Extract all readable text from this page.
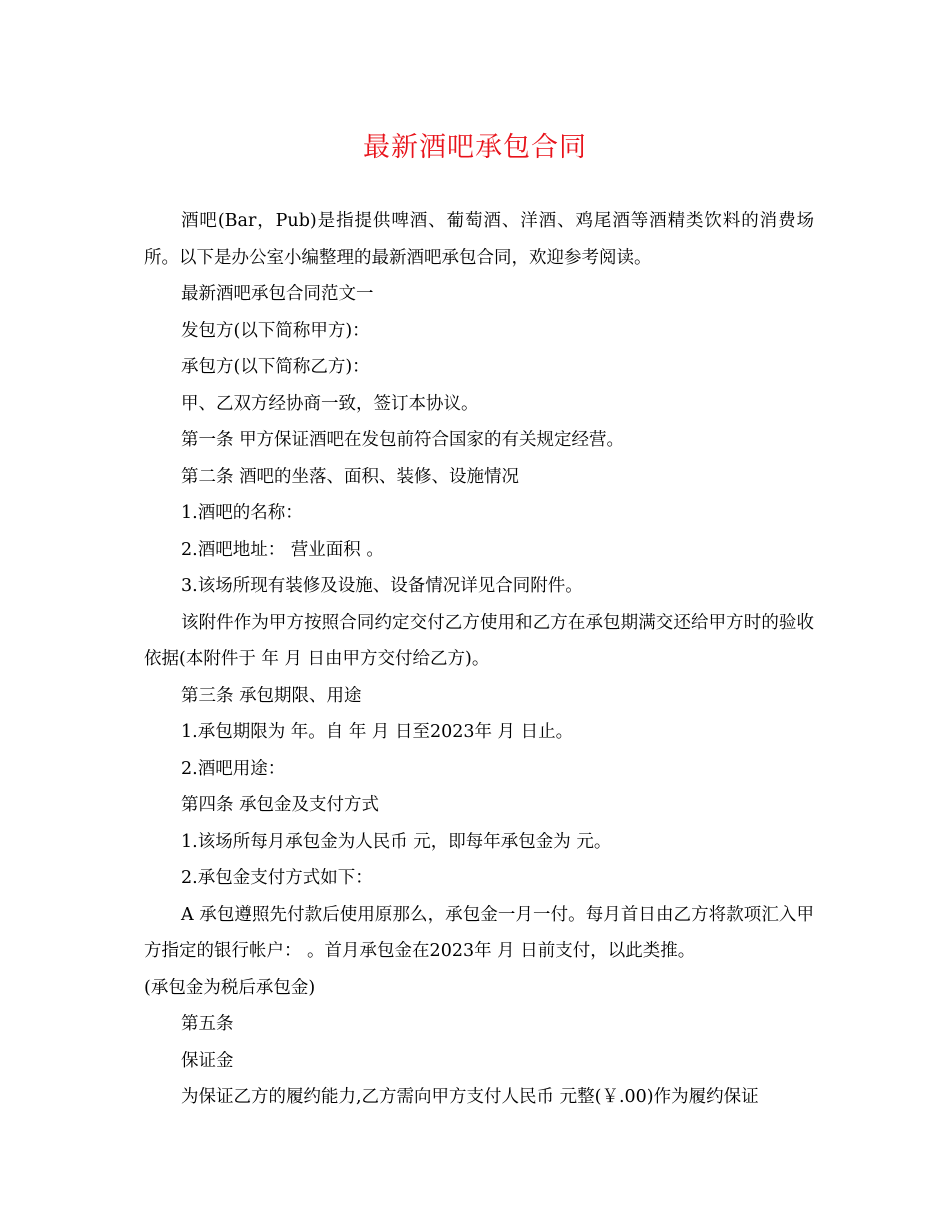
最新酒吧承包合同

酒吧(Bar，Pub)是指提供啤酒、葡萄酒、洋酒、鸡尾酒等酒精类饮料的消费场所。以下是办公室小编整理的最新酒吧承包合同，欢迎参考阅读。

最新酒吧承包合同范文一

发包方(以下简称甲方)：

承包方(以下简称乙方)：

甲、乙双方经协商一致，签订本协议。

第一条 甲方保证酒吧在发包前符合国家的有关规定经营。

第二条 酒吧的坐落、面积、装修、设施情况

1.酒吧的名称：

2.酒吧地址： 营业面积 。

3.该场所现有装修及设施、设备情况详见合同附件。

该附件作为甲方按照合同约定交付乙方使用和乙方在承包期满交还给甲方时的验收依据(本附件于 年 月 日由甲方交付给乙方)。

第三条 承包期限、用途

1.承包期限为 年。自 年 月 日至2023年 月 日止。

2.酒吧用途：

第四条 承包金及支付方式

1.该场所每月承包金为人民币 元，即每年承包金为 元。

2.承包金支付方式如下：

A 承包遵照先付款后使用原那么，承包金一月一付。每月首日由乙方将款项汇入甲方指定的银行帐户： 。首月承包金在2023年 月 日前支付，以此类推。

(承包金为税后承包金)

第五条

保证金

为保证乙方的履约能力,乙方需向甲方支付人民币 元整(￥.00)作为履约保证
